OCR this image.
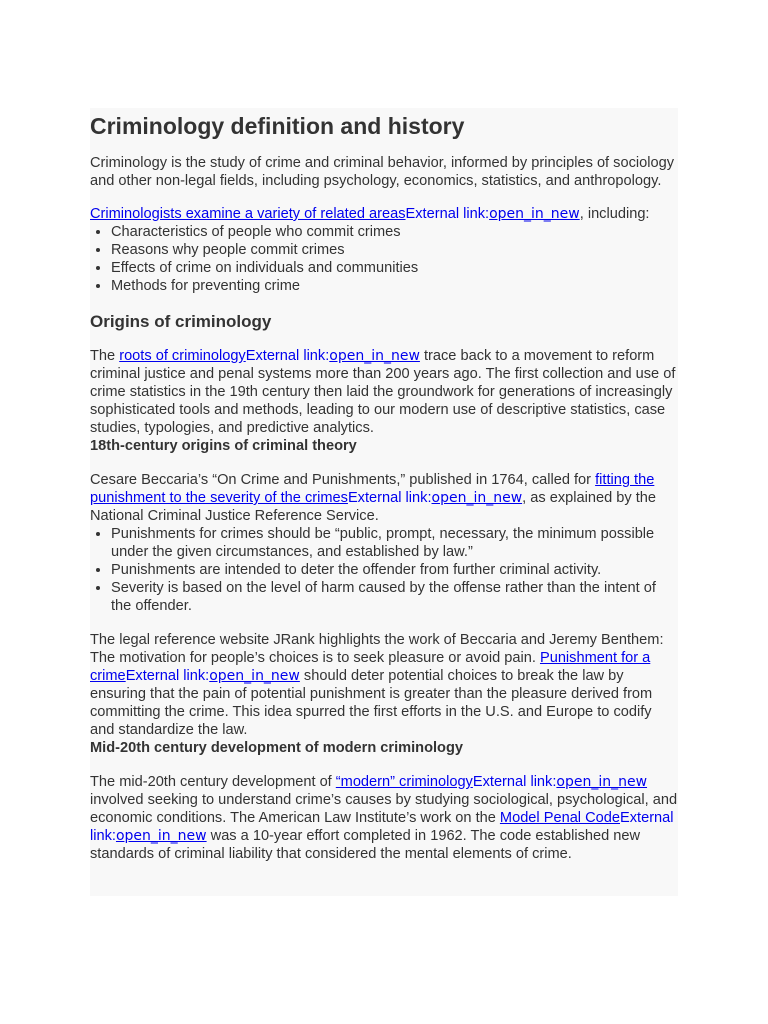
Criminology definition and history

Criminology is the study of crime and criminal behavior, informed by principles of sociology and other non-legal fields, including psychology, economics, statistics, and anthropology.

Criminologists examine a variety of related areasExternal link:open_in_new, including:

• Characteristics of people who commit crimes
• Reasons why people commit crimes
• Effects of crime on individuals and communities
• Methods for preventing crime
Origins of criminology

The roots of criminologyExternal link:open_in_new trace back to a movement to reform criminal justice and penal systems more than 200 years ago. The first collection and use of crime statistics in the 19th century then laid the groundwork for generations of increasingly sophisticated tools and methods, leading to our modern use of descriptive statistics, case studies, typologies, and predictive analytics.

18th-century origins of criminal theory

Cesare Beccaria’s “On Crime and Punishments,” published in 1764, called for fitting the punishment to the severity of the crimesExternal link:open_in_new, as explained by the National Criminal Justice Reference Service.

• Punishments for crimes should be “public, prompt, necessary, the minimum possible under the given circumstances, and established by law.”
• Punishments are intended to deter the offender from further criminal activity.
• Severity is based on the level of harm caused by the offense rather than the intent of the offender.

The legal reference website JRank highlights the work of Beccaria and Jeremy Benthem: The motivation for people’s choices is to seek pleasure or avoid pain. Punishment for a crimeExternal link:open_in_new should deter potential choices to break the law by ensuring that the pain of potential punishment is greater than the pleasure derived from committing the crime. This idea spurred the first efforts in the U.S. and Europe to codify and standardize the law.

Mid-20th century development of modern criminology

The mid-20th century development of “modern” criminologyExternal link:open_in_new involved seeking to understand crime’s causes by studying sociological, psychological, and economic conditions. The American Law Institute’s work on the Model Penal CodeExternal link:open_in_new was a 10-year effort completed in 1962. The code established new standards of criminal liability that considered the mental elements of crime.
